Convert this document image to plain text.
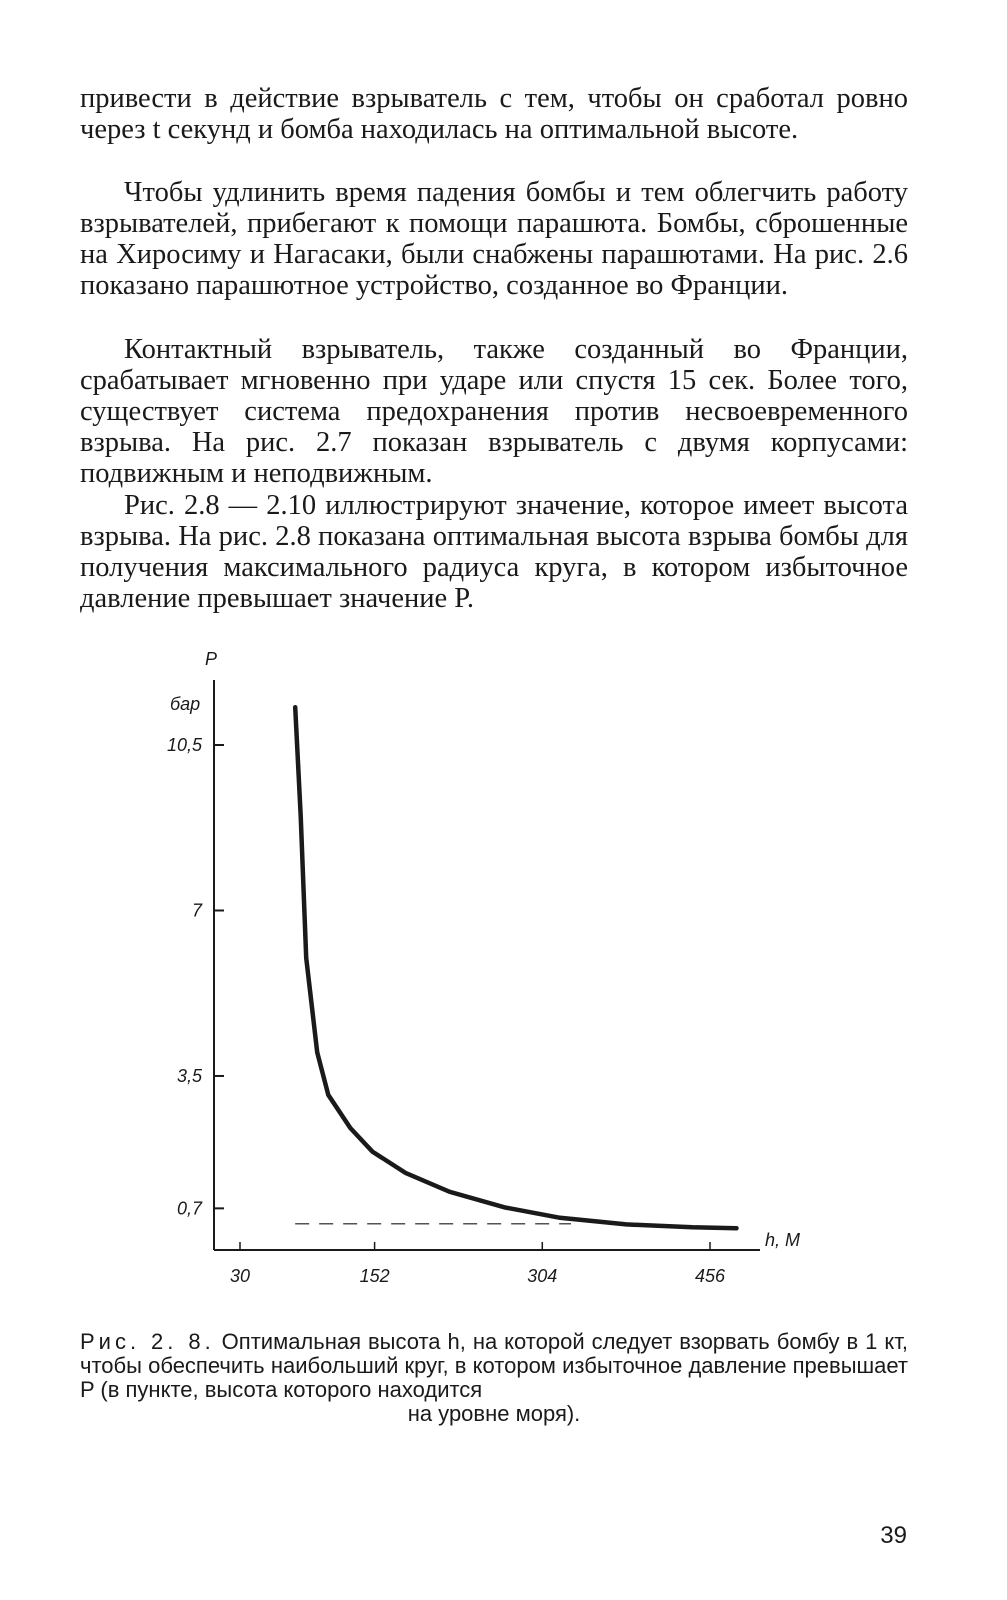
привести в действие взрыватель с тем, чтобы он сработал ровно через t секунд и бомба находилась на оптимальной высоте.

Чтобы удлинить время падения бомбы и тем облегчить работу взрывателей, прибегают к помощи парашюта. Бомбы, сброшенные на Хиросиму и Нагасаки, были снабжены парашютами. На рис. 2.6 показано парашютное устройство, созданное во Франции.

Контактный взрыватель, также созданный во Франции, срабатывает мгновенно при ударе или спустя 15 сек. Более того, существует система предохранения против несвоевременного взрыва. На рис. 2.7 показан взрыватель с двумя корпусами: подвижным и неподвижным.

Рис. 2.8 — 2.10 иллюстрируют значение, которое имеет высота взрыва. На рис. 2.8 показана оптимальная высота взрыва бомбы для получения максимального радиуса круга, в котором избыточное давление превышает значение P.

P
бар
h, M
0,7
3,5
7
10,5
30	152	304	456

Рис. 2. 8. Оптимальная высота h, на которой следует взорвать бомбу в 1 кт, чтобы обеспечить наибольший круг, в котором избыточное давление превышает P (в пункте, высота которого находится
на уровне моря).

39
